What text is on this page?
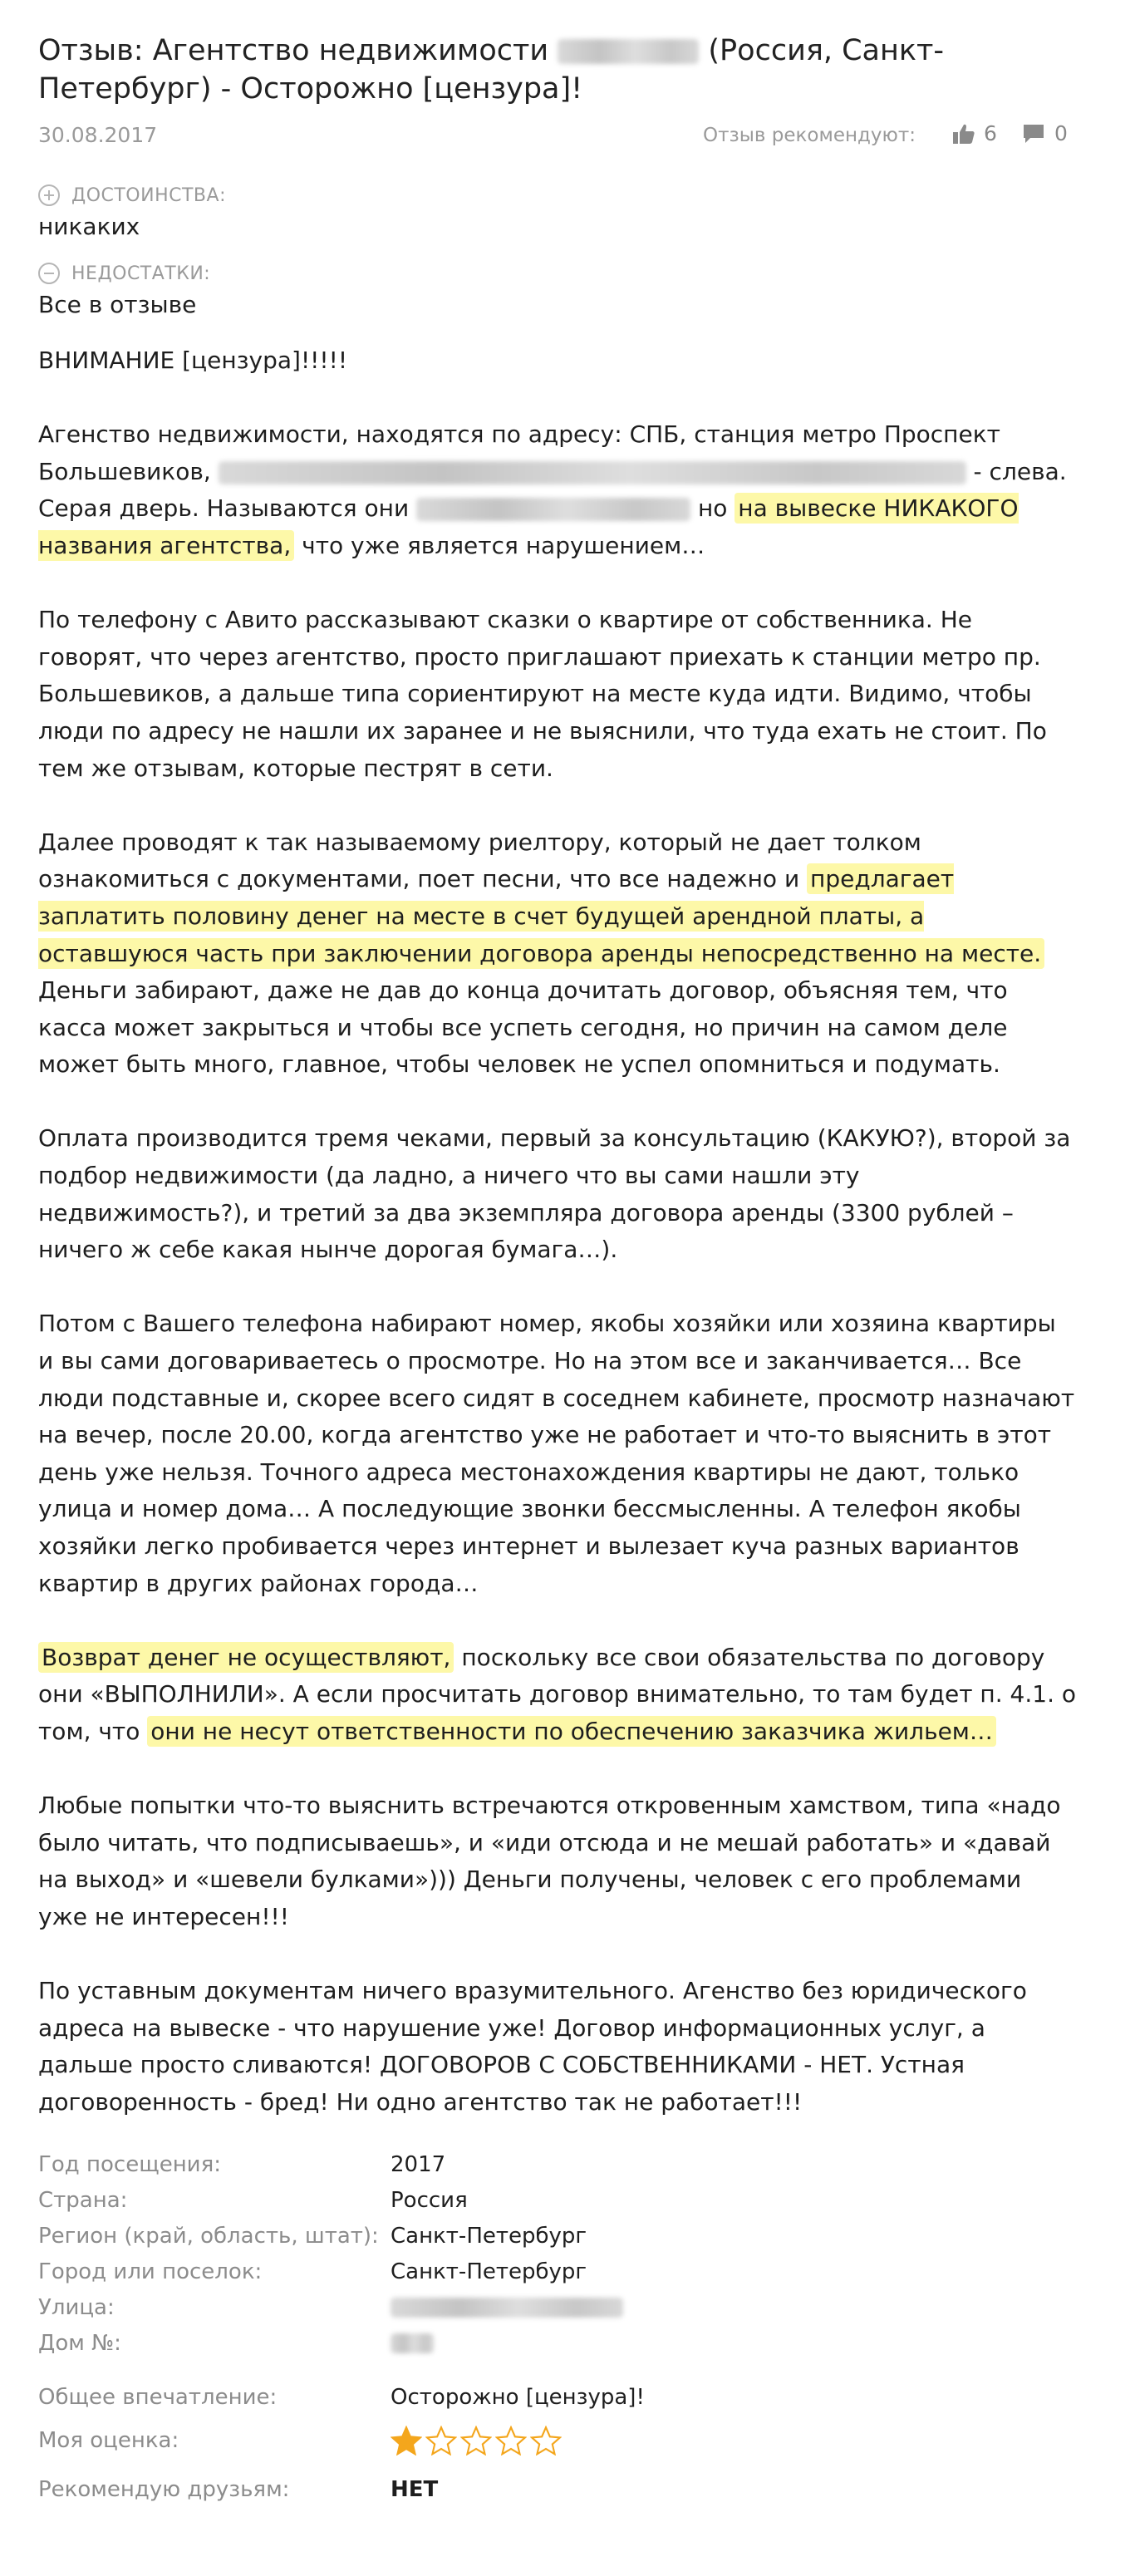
Отзыв: Агентство недвижимости	(Россия, Санкт-Петербург) - Осторожно [цензура]!
30.08.2017	Отзыв рекомендуют:	6	0
ДОСТОИНСТВА:
никаких
НЕДОСТАТКИ:
Все в отзыве

ВНИМАНИЕ [цензура]!!!!!

Агенство недвижимости, находятся по адресу: СПБ, станция метро Проспект Большевиков,	- слева. Серая дверь. Называются они	но на вывеске НИКАКОГО названия агентства, что уже является нарушением…

По телефону с Авито рассказывают сказки о квартире от собственника. Не говорят, что через агентство, просто приглашают приехать к станции метро пр. Большевиков, а дальше типа сориентируют на месте куда идти. Видимо, чтобы люди по адресу не нашли их заранее и не выяснили, что туда ехать не стоит. По тем же отзывам, которые пестрят в сети.

Далее проводят к так называемому риелтору, который не дает толком ознакомиться с документами, поет песни, что все надежно и предлагает заплатить половину денег на месте в счет будущей арендной платы, а оставшуюся часть при заключении договора аренды непосредственно на месте. Деньги забирают, даже не дав до конца дочитать договор, объясняя тем, что касса может закрыться и чтобы все успеть сегодня, но причин на самом деле может быть много, главное, чтобы человек не успел опомниться и подумать.

Оплата производится тремя чеками, первый за консультацию (КАКУЮ?), второй за подбор недвижимости (да ладно, а ничего что вы сами нашли эту недвижимость?), и третий за два экземпляра договора аренды (3300 рублей – ничего ж себе какая нынче дорогая бумага…).

Потом с Вашего телефона набирают номер, якобы хозяйки или хозяина квартиры и вы сами договариваетесь о просмотре. Но на этом все и заканчивается… Все люди подставные и, скорее всего сидят в соседнем кабинете, просмотр назначают на вечер, после 20.00, когда агентство уже не работает и что-то выяснить в этот день уже нельзя. Точного адреса местонахождения квартиры не дают, только улица и номер дома… А последующие звонки бессмысленны. А телефон якобы хозяйки легко пробивается через интернет и вылезает куча разных вариантов квартир в других районах города…

Возврат денег не осуществляют, поскольку все свои обязательства по договору они «ВЫПОЛНИЛИ». А если просчитать договор внимательно, то там будет п. 4.1. о том, что они не несут ответственности по обеспечению заказчика жильем…

Любые попытки что-то выяснить встречаются откровенным хамством, типа «надо было читать, что подписываешь», и «иди отсюда и не мешай работать» и «давай на выход» и «шевели булками»))) Деньги получены, человек с его проблемами уже не интересен!!!

По уставным документам ничего вразумительного. Агенство без юридического адреса на вывеске - что нарушение уже! Договор информационных услуг, а дальше просто сливаются! ДОГОВОРОВ С СОБСТВЕННИКАМИ - НЕТ. Устная договоренность - бред! Ни одно агентство так не работает!!!

Год посещения:	2017
Страна:	Россия
Регион (край, область, штат): Санкт-Петербург
Город или поселок:	Санкт-Петербург
Улица:
Дом №:
Общее впечатление:	Осторожно [цензура]!
Моя оценка:
Рекомендую друзьям:	НЕТ
